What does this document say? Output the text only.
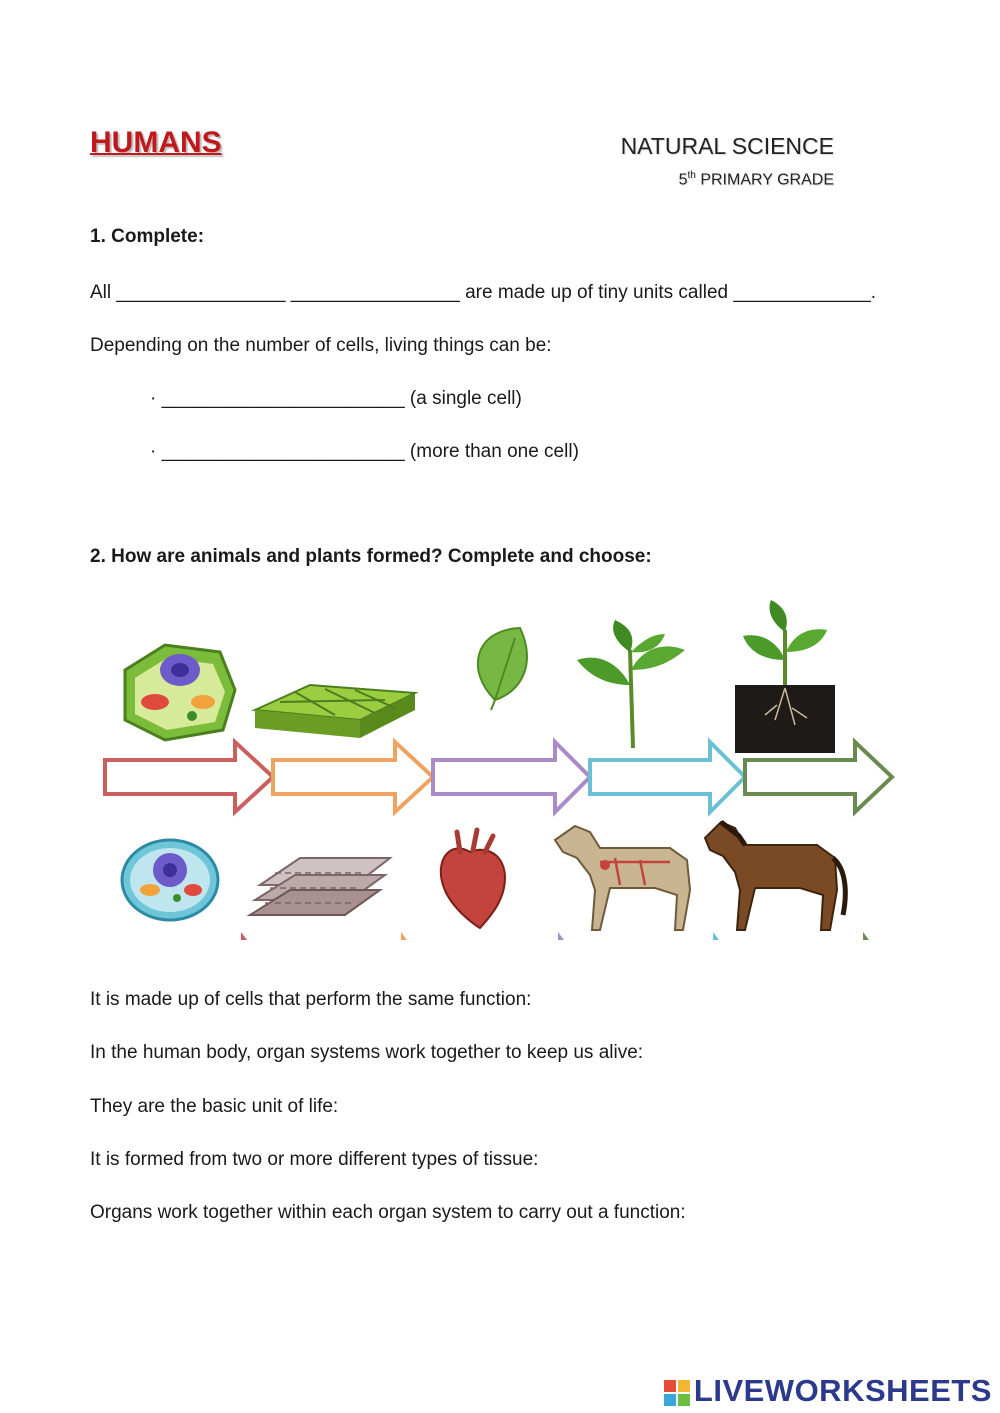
HUMANS	NATURAL SCIENCE
5th PRIMARY GRADE
1. Complete:
All ________________ ________________ are made up of tiny units called _____________.
Depending on the number of cells, living things can be:
· _______________________ (a single cell)
· _______________________ (more than one cell)
2. How are animals and plants formed? Complete and choose:
It is made up of cells that perform the same function:
In the human body, organ systems work together to keep us alive:
They are the basic unit of life:
It is formed from two or more different types of tissue:
Organs work together within each organ system to carry out a function:
LIVEWORKSHEETS
